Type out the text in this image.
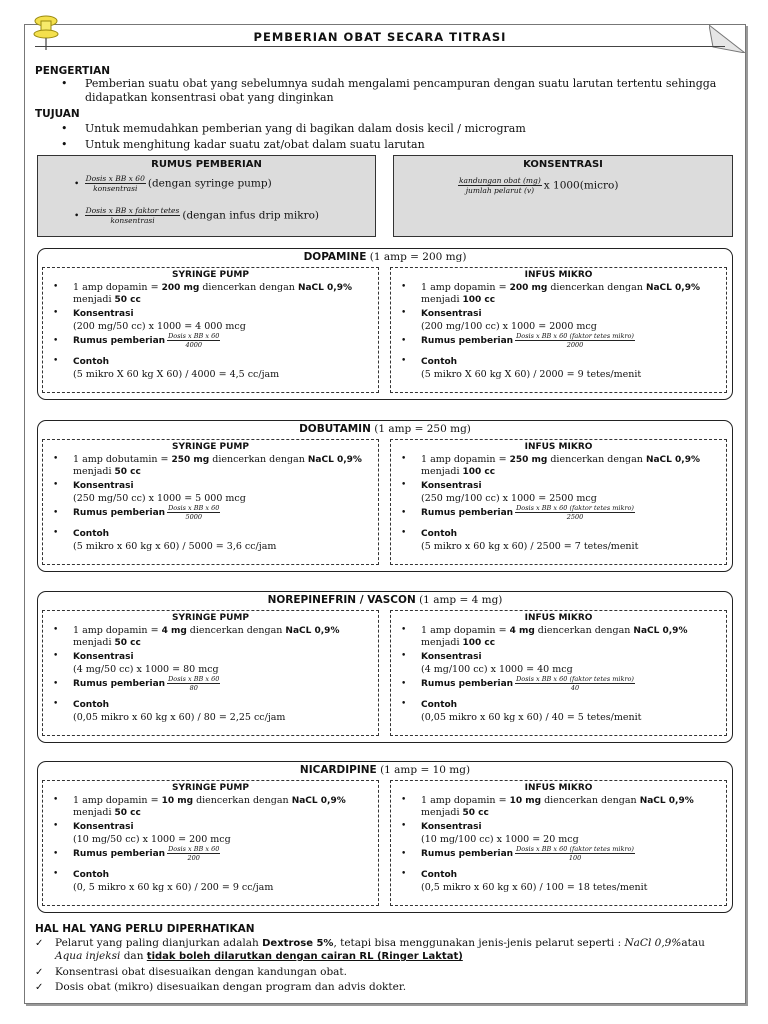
PEMBERIAN OBAT SECARA TITRASI
PENGERTIAN
• Pemberian suatu obat yang sebelumnya sudah mengalami pencampuran dengan suatu larutan tertentu sehingga
didapatkan konsentrasi obat yang dinginkan
TUJUAN
• Untuk memudahkan pemberian yang di bagikan dalam dosis kecil / microgram
• Untuk menghitung kadar suatu zat/obat dalam suatu larutan
RUMUS PEMBERIAN
• $\frac{\text{Dosis x BB x 60}}{\text{konsentrasi}}$ (dengan syringe pump)
• $\frac{\text{Dosis x BB x faktor tetes}}{\text{konsentrasi}}$ (dengan infus drip mikro)
KONSENTRASI
$\frac{\text{kandungan obat (mg)}}{\text{jumlah pelarut (v)}}$ x 1000(micro)
DOPAMINE (1 amp = 200 mg)
SYRINGE PUMP
• 1 amp dopamin = 200 mg diencerkan dengan NaCL 0,9%
menjadi 50 cc
• Konsentrasi
(200 mg/50 cc) x 1000 = 4 000 mcg
• Rumus pemberian $\frac{\text{Dosis x BB x 60}}{4000}$
• Contoh
(5 mikro X 60 kg X 60) / 4000 = 4,5 cc/jam
INFUS MIKRO
• 1 amp dopamin = 200 mg diencerkan dengan NaCL 0,9%
menjadi 100 cc
• Konsentrasi
(200 mg/100 cc) x 1000 = 2000 mcg
• Rumus pemberian $\frac{\text{Dosis x BB x 60 (faktor tetes mikro)}}{2000}$
• Contoh
(5 mikro X 60 kg X 60) / 2000 = 9 tetes/menit
DOBUTAMIN (1 amp = 250 mg)
SYRINGE PUMP
• 1 amp dobutamin = 250 mg diencerkan dengan NaCL 0,9%
menjadi 50 cc
• Konsentrasi
(250 mg/50 cc) x 1000 = 5 000 mcg
• Rumus pemberian $\frac{\text{Dosis x BB x 60}}{5000}$
• Contoh
(5 mikro x 60 kg x 60) / 5000 = 3,6 cc/jam
INFUS MIKRO
• 1 amp dopamin = 250 mg diencerkan dengan NaCL 0,9%
menjadi 100 cc
• Konsentrasi
(250 mg/100 cc) x 1000 = 2500 mcg
• Rumus pemberian $\frac{\text{Dosis x BB x 60 (faktor tetes mikro)}}{2500}$
• Contoh
(5 mikro x 60 kg x 60) / 2500 = 7 tetes/menit
NOREPINEFRIN / VASCON (1 amp = 4 mg)
SYRINGE PUMP
• 1 amp dopamin = 4 mg diencerkan dengan NaCL 0,9%
menjadi 50 cc
• Konsentrasi
(4 mg/50 cc) x 1000 = 80 mcg
• Rumus pemberian $\frac{\text{Dosis x BB x 60}}{80}$
• Contoh
(0,05 mikro x 60 kg x 60) / 80 = 2,25 cc/jam
INFUS MIKRO
• 1 amp dopamin = 4 mg diencerkan dengan NaCL 0,9%
menjadi 100 cc
• Konsentrasi
(4 mg/100 cc) x 1000 = 40 mcg
• Rumus pemberian $\frac{\text{Dosis x BB x 60 (faktor tetes mikro)}}{40}$
• Contoh
(0,05 mikro x 60 kg x 60) / 40 = 5 tetes/menit
NICARDIPINE (1 amp = 10 mg)
SYRINGE PUMP
• 1 amp dopamin = 10 mg diencerkan dengan NaCL 0,9%
menjadi 50 cc
• Konsentrasi
(10 mg/50 cc) x 1000 = 200 mcg
• Rumus pemberian $\frac{\text{Dosis x BB x 60}}{200}$
• Contoh
(0, 5 mikro x 60 kg x 60) / 200 = 9 cc/jam
INFUS MIKRO
• 1 amp dopamin = 10 mg diencerkan dengan NaCL 0,9%
menjadi 50 cc
• Konsentrasi
(10 mg/100 cc) x 1000 = 20 mcg
• Rumus pemberian $\frac{\text{Dosis x BB x 60 (faktor tetes mikro)}}{100}$
• Contoh
(0,5 mikro x 60 kg x 60) / 100 = 18 tetes/menit
HAL HAL YANG PERLU DIPERHATIKAN
✓ Pelarut yang paling dianjurkan adalah Dextrose 5%, tetapi bisa menggunakan jenis-jenis pelarut seperti : NaCl 0,9%atau Aqua injeksi dan tidak boleh dilarutkan dengan cairan RL (Ringer Laktat)
✓ Konsentrasi obat disesuaikan dengan kandungan obat.
✓ Dosis obat (mikro) disesuaikan dengan program dan advis dokter.
